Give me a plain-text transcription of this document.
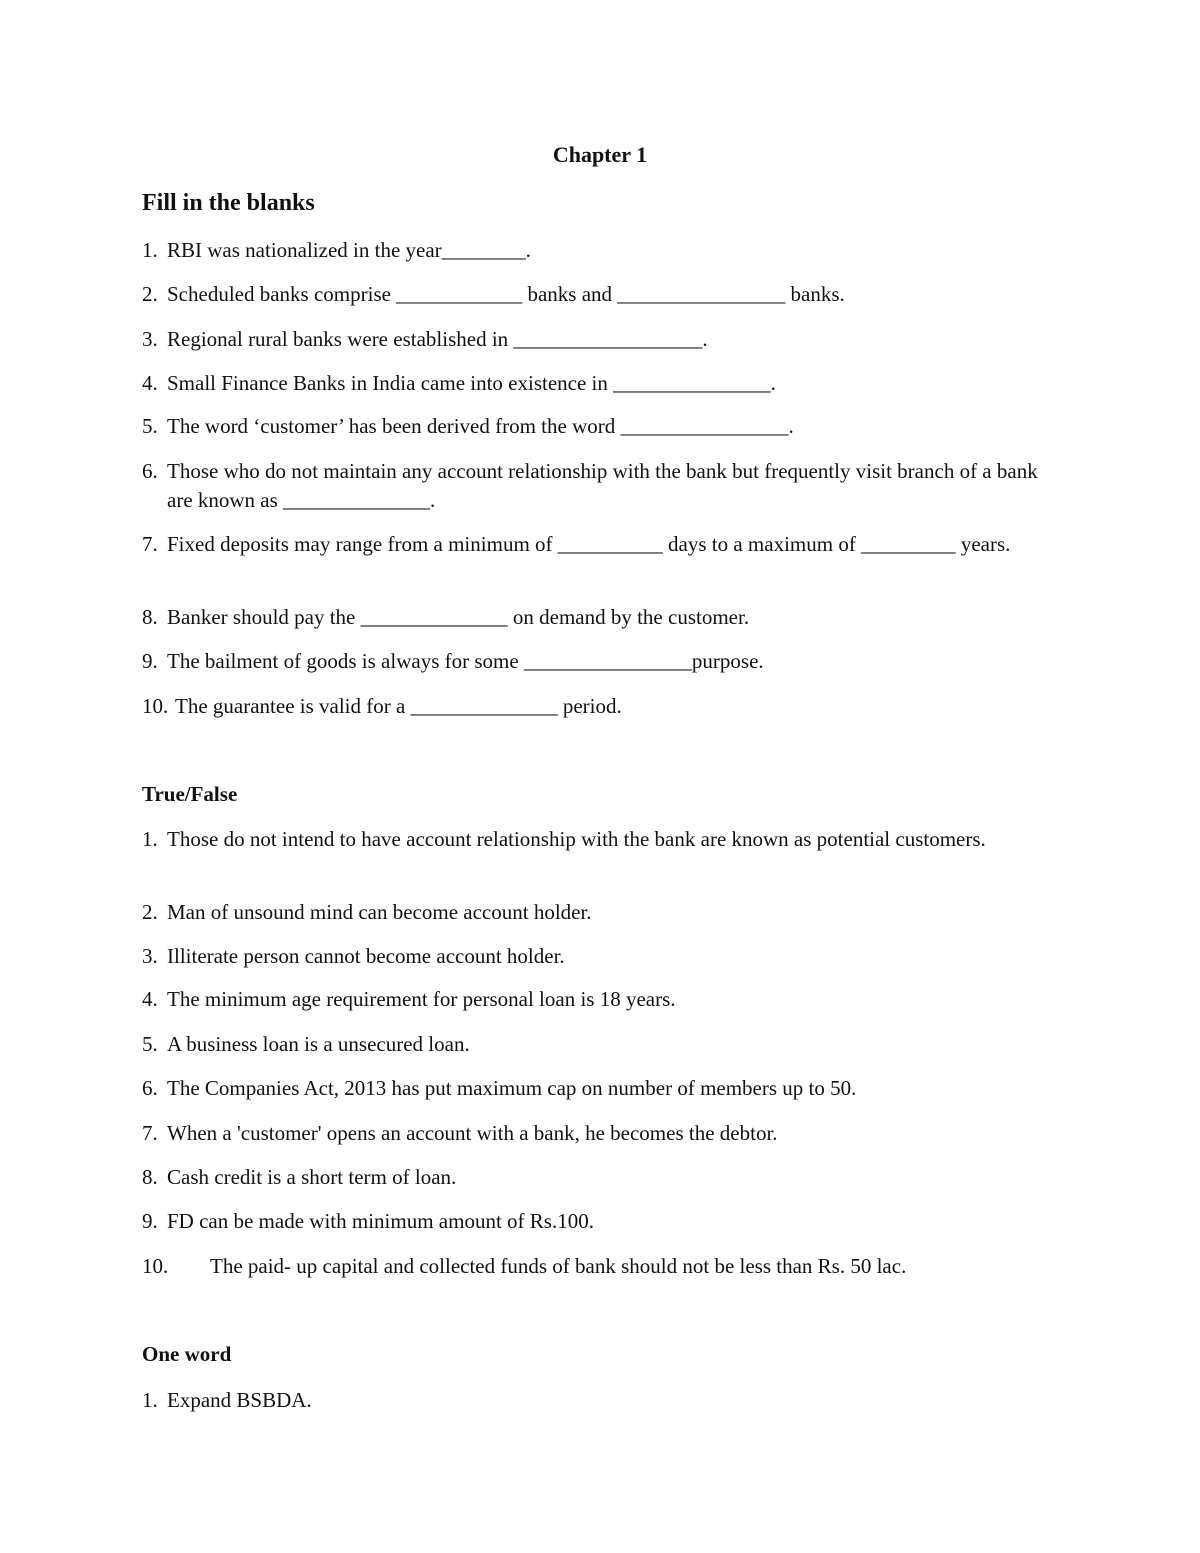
Chapter 1
Fill in the blanks
1. RBI was nationalized in the year________.
2. Scheduled banks comprise ____________ banks and ________________ banks.
3. Regional rural banks were established in __________________.
4. Small Finance Banks in India came into existence in _______________.
5. The word ‘customer’ has been derived from the word ________________.
6. Those who do not maintain any account relationship with the bank but frequently visit branch of a bank are known as ______________.
7. Fixed deposits may range from a minimum of __________ days to a maximum of _________ years.
8. Banker should pay the ______________ on demand by the customer.
9. The bailment of goods is always for some ________________purpose.
10. The guarantee is valid for a ______________ period.
True/False
1. Those do not intend to have account relationship with the bank are known as potential customers.
2. Man of unsound mind can become account holder.
3. Illiterate person cannot become account holder.
4. The minimum age requirement for personal loan is 18 years.
5. A business loan is a unsecured loan.
6. The Companies Act, 2013 has put maximum cap on number of members up to 50.
7. When a 'customer' opens an account with a bank, he becomes the debtor.
8. Cash credit is a short term of loan.
9. FD can be made with minimum amount of Rs.100.
10. The paid- up capital and collected funds of bank should not be less than Rs. 50 lac.
One word
1. Expand BSBDA.
